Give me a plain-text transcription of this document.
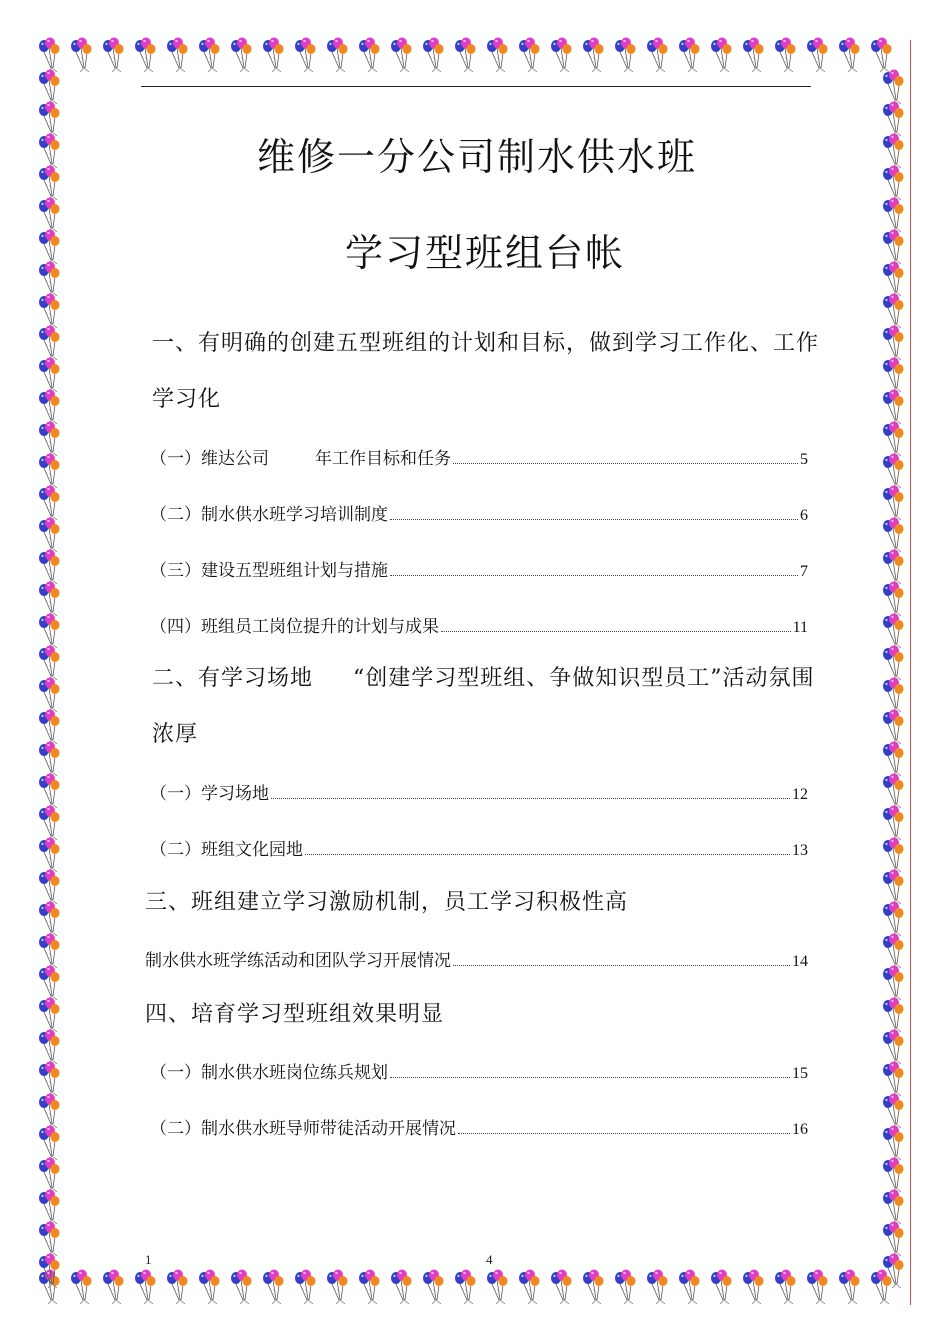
维修一分公司制水供水班
学习型班组台帐
一、有明确的创建五型班组的计划和目标，做到学习工作化、工作
学习化
（一）维达公司	年工作目标和任务	5
（二）制水供水班学习培训制度	6
（三）建设五型班组计划与措施	7
（四）班组员工岗位提升的计划与成果	11
二、有学习场地 “创建学习型班组、争做知识型员工”活动氛围
浓厚
（一）学习场地	12
（二）班组文化园地	13
三、班组建立学习激励机制，员工学习积极性高
制水供水班学练活动和团队学习开展情况	14
四、培育学习型班组效果明显
（一）制水供水班岗位练兵规划	15
（二）制水供水班导师带徒活动开展情况	16
1	4
